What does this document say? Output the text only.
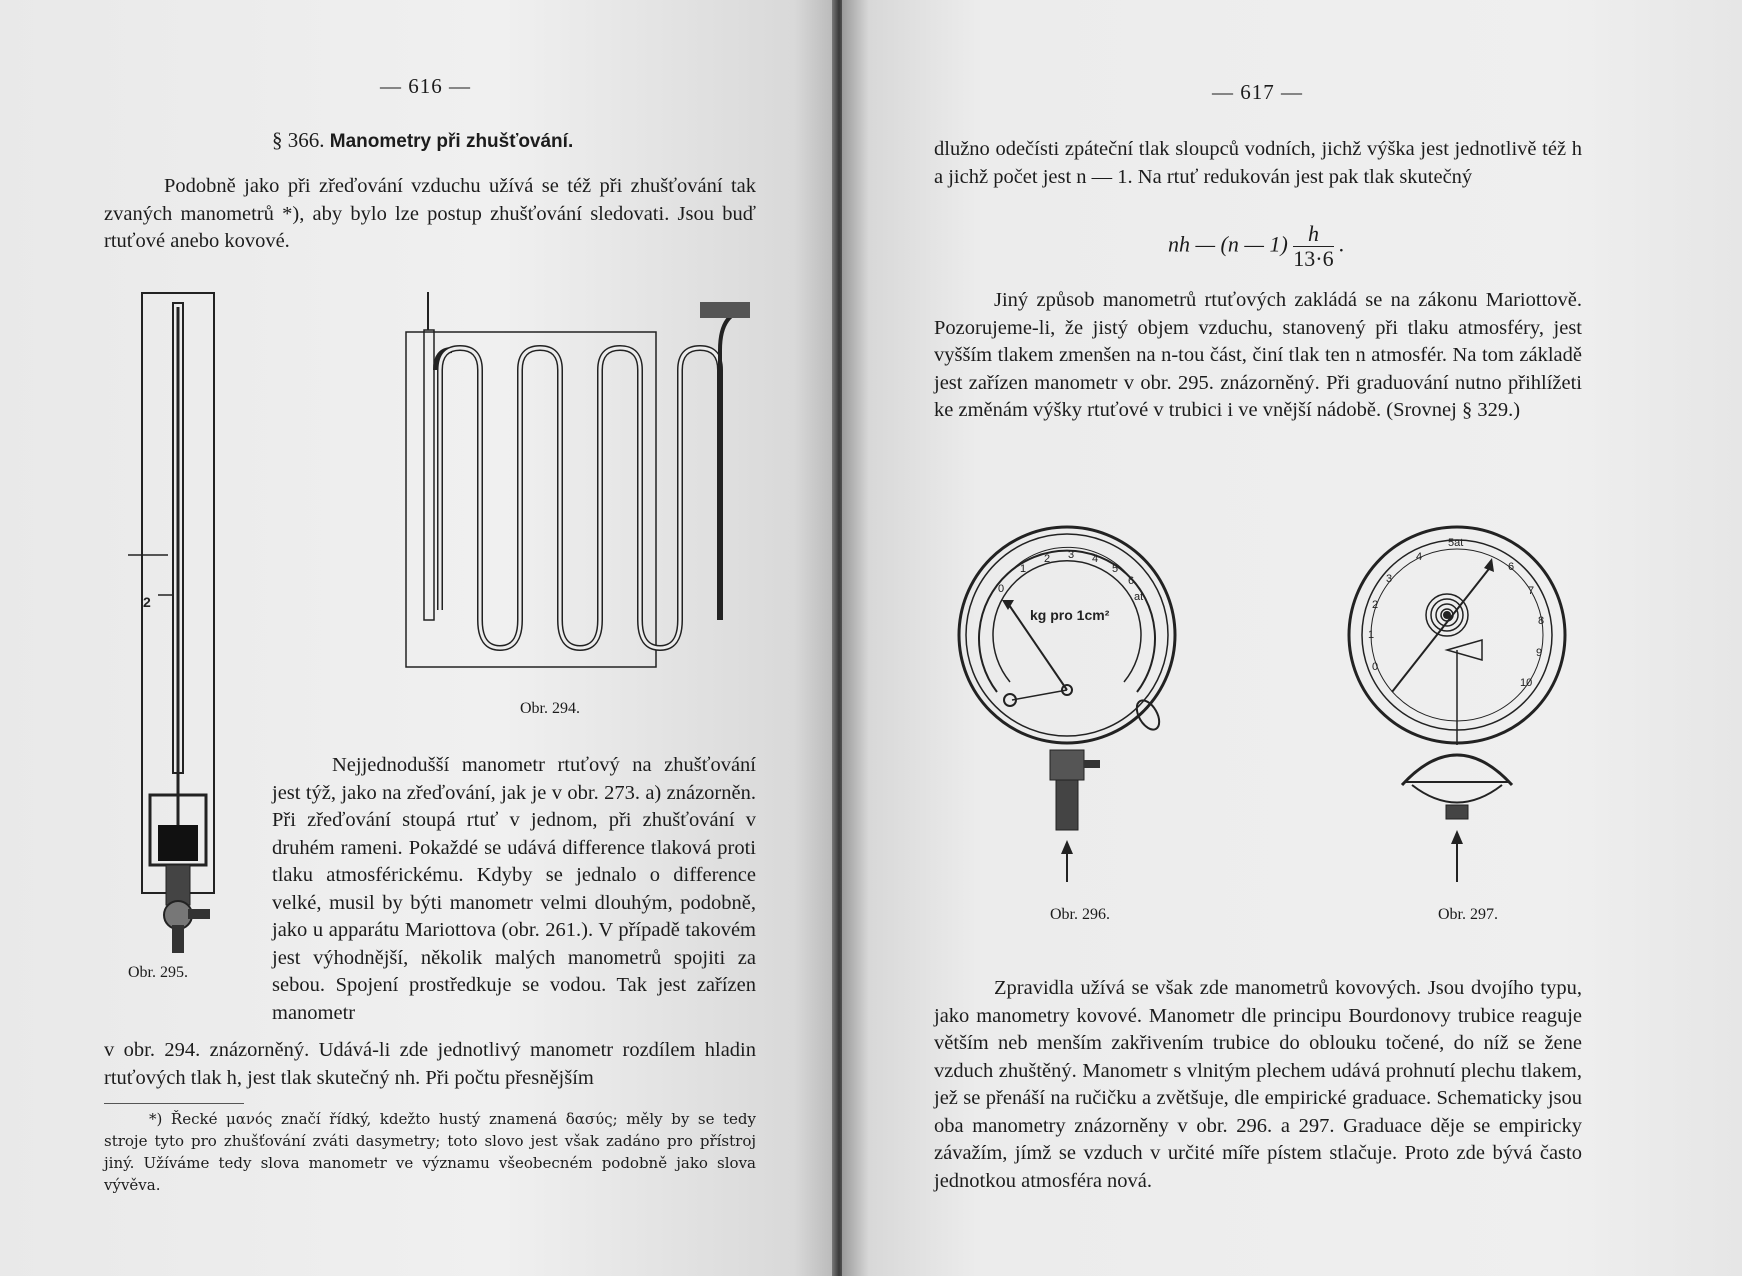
— 616 —
§ 366. Manometry při zhušťování.
Podobně jako při zřeďování vzduchu užívá se též při zhušťování tak zvaných manometrů *), aby bylo lze postup zhušťování sledovati. Jsou buď rtuťové anebo kovové.
2
Obr. 295.
Obr. 294.
Nejjednodušší manometr rtuťový na zhušťování jest týž, jako na zřeďování, jak je v obr. 273. a) znázorněn. Při zřeďování stoupá rtuť v jednom, při zhušťování v druhém rameni. Pokaždé se udává difference tlaková proti tlaku atmosférickému. Kdyby se jednalo o difference velké, musil by býti manometr velmi dlouhým, podobně, jako u apparátu Mariottova (obr. 261.). V případě takovém jest výhodnější, několik malých manometrů spojiti za sebou. Spojení prostředkuje se vodou. Tak jest zařízen manometr
v obr. 294. znázorněný. Udává-li zde jednotlivý manometr rozdílem hladin rtuťových tlak h, jest tlak skutečný nh. Při počtu přesnějším

*) Řecké μανός značí řídký, kdežto hustý znamená δασύς; měly by se tedy stroje tyto pro zhušťování zváti dasymetry; toto slovo jest však zadáno pro přístroj jiný. Užíváme tedy slova manometr ve významu všeobecném podobně jako slova vývěva.

— 617 —
dlužno odečísti zpáteční tlak sloupců vodních, jichž výška jest jednotlivě též h a jichž počet jest n — 1. Na rtuť redukován jest pak tlak skutečný
nh — (n — $1) \frac{h}{13\cdot 6}$ .
Jiný způsob manometrů rtuťových zakládá se na zákonu Mariottově. Pozorujeme-li, že jistý objem vzduchu, stanovený při tlaku atmosféry, jest vyšším tlakem zmenšen na n-tou část, činí tlak ten n atmosfér. Na tom základě jest zařízen manometr v obr. 295. znázorněný. Při graduování nutno přihlížeti ke změnám výšky rtuťové v trubici i ve vnější nádobě. (Srovnej § 329.)
0
1
2 3 4
5
6
at
kg pro 1cm²
Obr. 296.
0
1
2
3
4
6
7
8
9
10
5at
Obr. 297.
Zpravidla užívá se však zde manometrů kovových. Jsou dvojího typu, jako manometry kovové. Manometr dle principu Bourdonovy trubice reaguje větším neb menším zakřivením trubice do oblouku točené, do níž se žene vzduch zhuštěný. Manometr s vlnitým plechem udává prohnutí plechu tlakem, jež se přenáší na ručičku a zvětšuje, dle empirické graduace. Schematicky jsou oba manometry znázorněny v obr. 296. a 297. Graduace děje se empiricky závažím, jímž se vzduch v určité míře pístem stlačuje. Proto zde bývá často jednotkou atmosféra nová.
